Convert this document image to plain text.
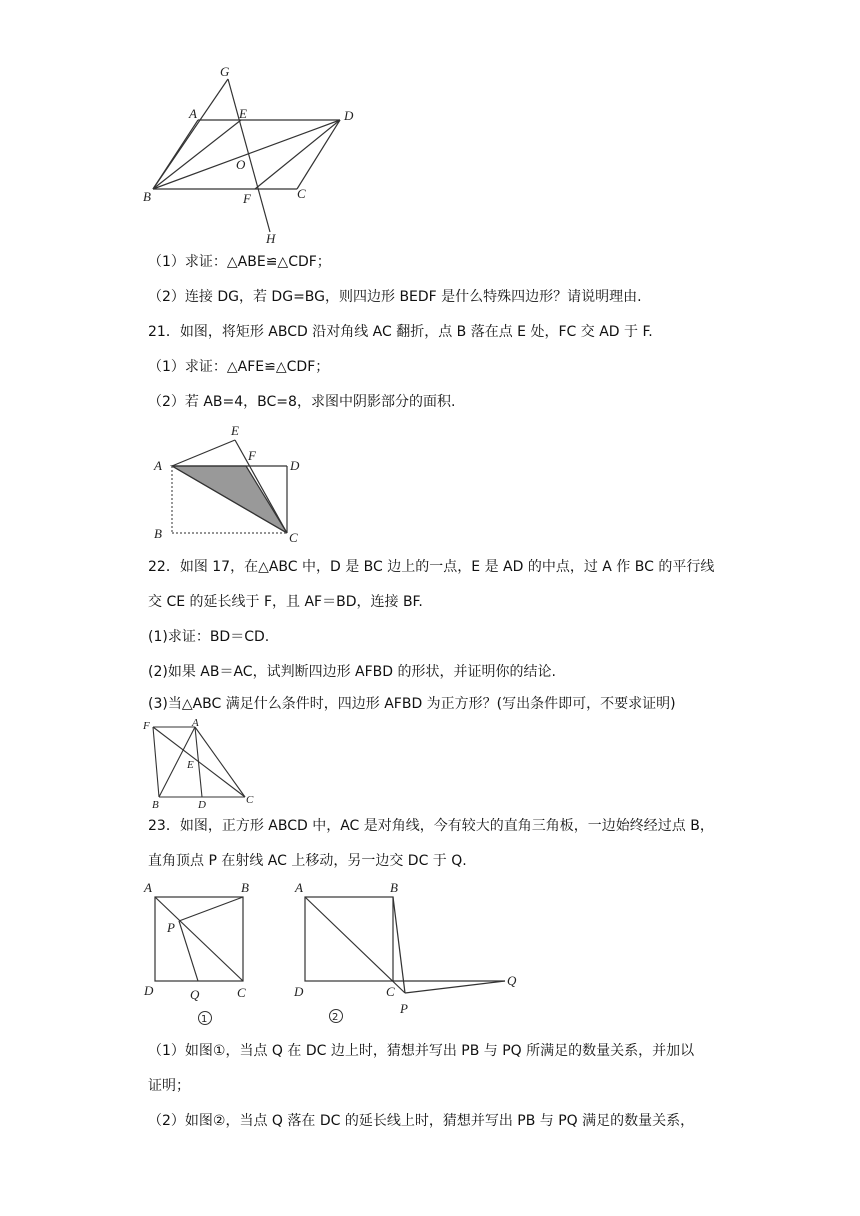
G
A	E	D
O
B	F	C
H
（1）求证：△ABE≌△CDF；
（2）连接 DG，若 DG=BG，则四边形 BEDF 是什么特殊四边形？请说明理由.
21．如图，将矩形 ABCD 沿对角线 AC 翻折，点 B 落在点 E 处，FC 交 AD 于 F.
（1）求证：△AFE≌△CDF；
（2）若 AB=4，BC=8，求图中阴影部分的面积.
E
A
F
D
B	C
22．如图 17，在△ABC 中，D 是 BC 边上的一点，E 是 AD 的中点，过 A 作 BC 的平行线
交 CE 的延长线于 F，且 AF＝BD，连接 BF.
(1)求证：BD＝CD.
(2)如果 AB＝AC，试判断四边形 AFBD 的形状，并证明你的结论.
(3)当△ABC 满足什么条件时，四边形 AFBD 为正方形？(写出条件即可，不要求证明)
F	A
E
B	D	C
23．如图，正方形 ABCD 中，AC 是对角线，今有较大的直角三角板，一边始终经过点 B，
直角顶点 P 在射线 AC 上移动，另一边交 DC 于 Q.
A	B
P
D	Q	C
1
A	B
D	C
P
Q
2
（1）如图①，当点 Q 在 DC 边上时，猜想并写出 PB 与 PQ 所满足的数量关系，并加以
证明；
（2）如图②，当点 Q 落在 DC 的延长线上时，猜想并写出 PB 与 PQ 满足的数量关系，
